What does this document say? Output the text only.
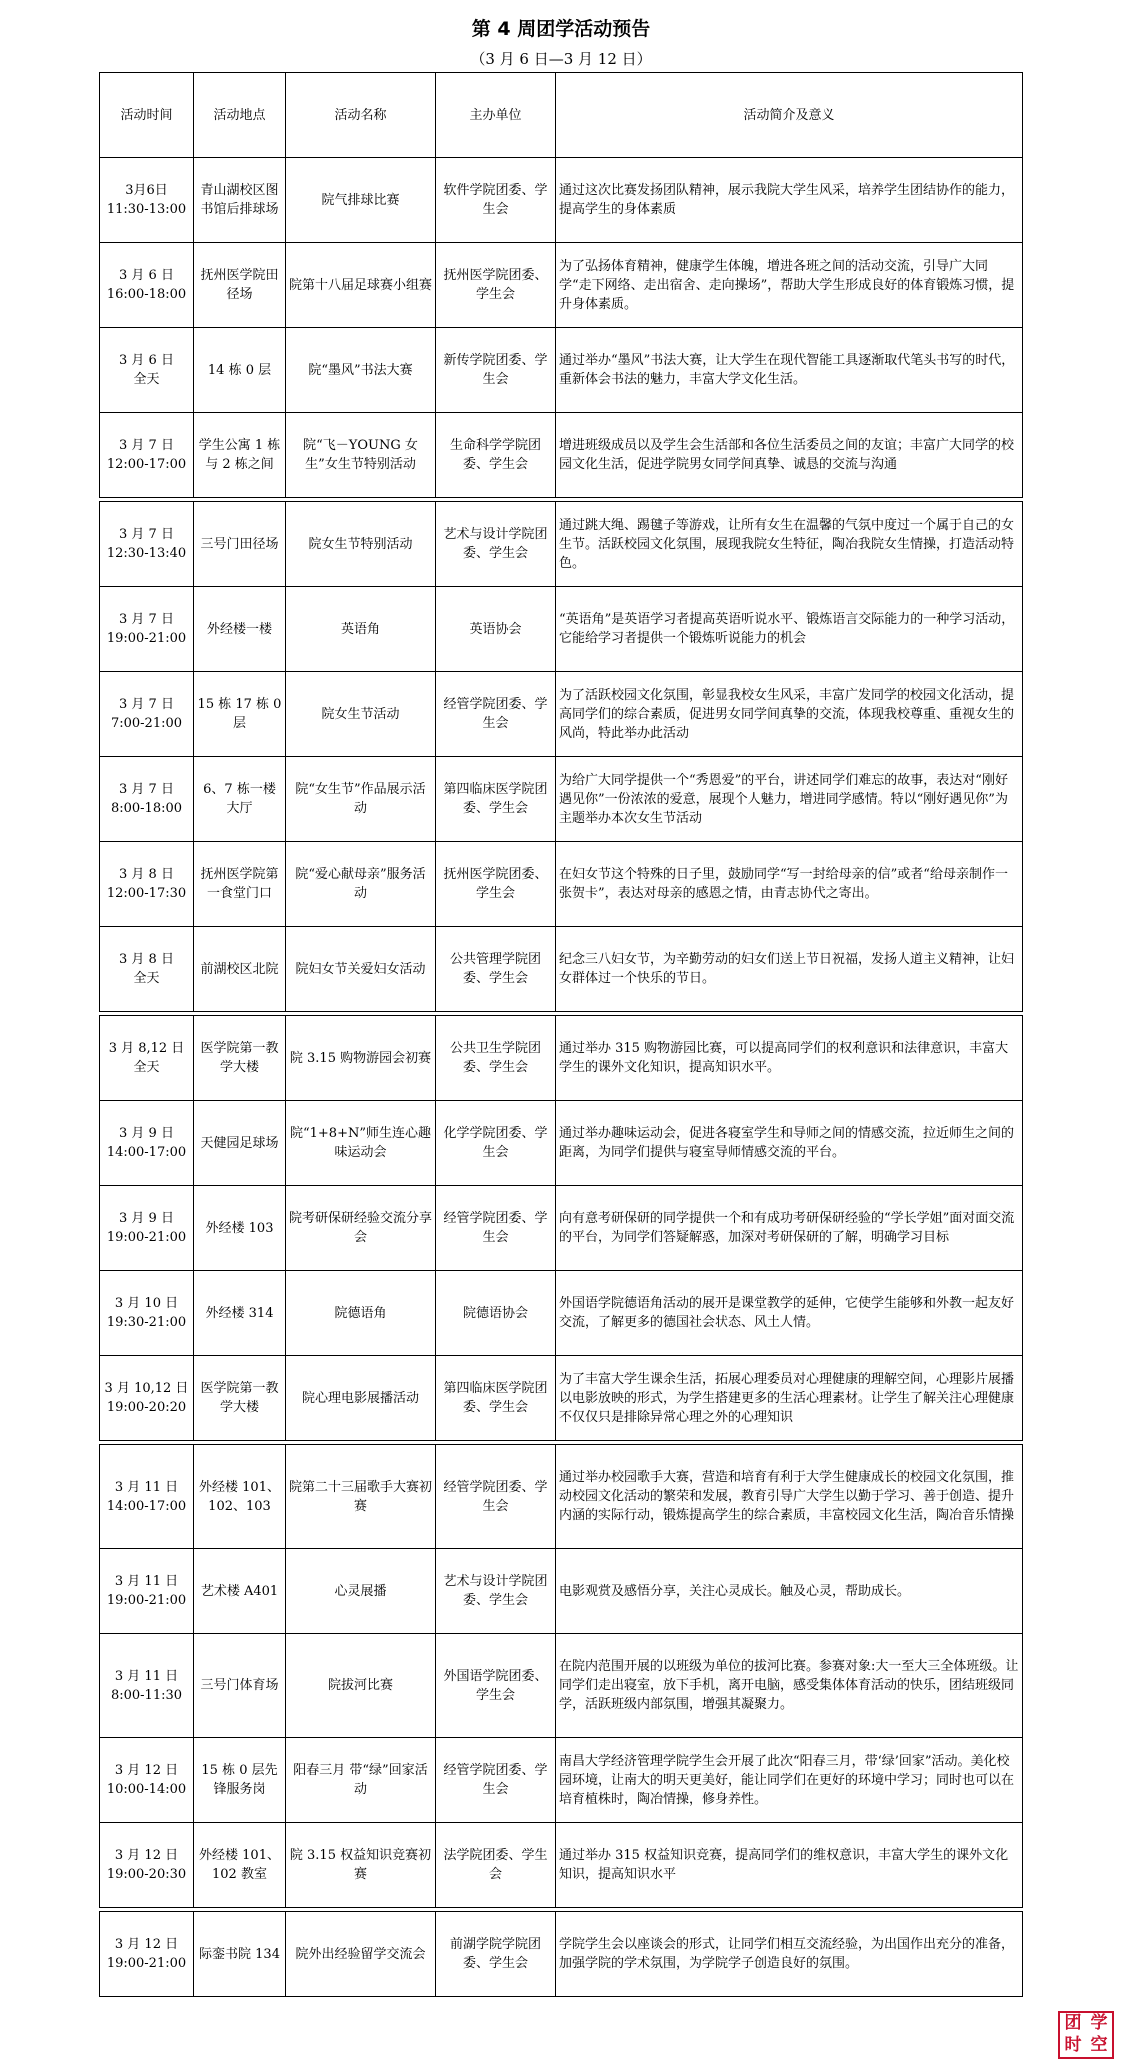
第 4 周团学活动预告
（3 月 6 日—3 月 12 日）
活动时间	活动地点	活动名称	主办单位	活动简介及意义

3月6日
11:30-13:00	青山湖校区图书馆后排球场	院气排球比赛	软件学院团委、学生会	通过这次比赛发扬团队精神，展示我院大学生风采，培养学生团结协作的能力，提高学生的身体素质

3 月 6 日
16:00-18:00	抚州医学院田径场	院第十八届足球赛小组赛	抚州医学院团委、学生会	为了弘扬体育精神，健康学生体魄，增进各班之间的活动交流，引导广大同学“走下网络、走出宿舍、走向操场”，帮助大学生形成良好的体育锻炼习惯，提升身体素质。

3 月 6 日
全天	14 栋 0 层	院“墨风”书法大赛	新传学院团委、学生会	通过举办“墨风”书法大赛，让大学生在现代智能工具逐渐取代笔头书写的时代，重新体会书法的魅力，丰富大学文化生活。

3 月 7 日
12:00-17:00	学生公寓 1 栋与 2 栋之间	院“飞－YOUNG 女生”女生节特别活动	生命科学学院团委、学生会	增进班级成员以及学生会生活部和各位生活委员之间的友谊；丰富广大同学的校园文化生活，促进学院男女同学间真挚、诚恳的交流与沟通

3 月 7 日
12:30-13:40	三号门田径场	院女生节特别活动	艺术与设计学院团委、学生会	通过跳大绳、踢毽子等游戏，让所有女生在温馨的气氛中度过一个属于自己的女生节。活跃校园文化氛围，展现我院女生特征，陶冶我院女生情操，打造活动特色。

3 月 7 日
19:00-21:00	外经楼一楼	英语角	英语协会	“英语角”是英语学习者提高英语听说水平、锻炼语言交际能力的一种学习活动，它能给学习者提供一个锻炼听说能力的机会

3 月 7 日
7:00-21:00	15 栋 17 栋 0 层	院女生节活动	经管学院团委、学生会	为了活跃校园文化氛围，彰显我校女生风采，丰富广发同学的校园文化活动，提高同学们的综合素质，促进男女同学间真挚的交流，体现我校尊重、重视女生的风尚，特此举办此活动

3 月 7 日
8:00-18:00	6、7 栋一楼大厅	院“女生节”作品展示活动	第四临床医学院团委、学生会	为给广大同学提供一个“秀恩爱”的平台，讲述同学们难忘的故事，表达对“刚好遇见你”一份浓浓的爱意，展现个人魅力，增进同学感情。特以“刚好遇见你”为主题举办本次女生节活动

3 月 8 日
12:00-17:30	抚州医学院第一食堂门口	院“爱心献母亲”服务活动	抚州医学院团委、学生会	在妇女节这个特殊的日子里，鼓励同学“写一封给母亲的信”或者“给母亲制作一张贺卡”，表达对母亲的感恩之情，由青志协代之寄出。

3 月 8 日
全天	前湖校区北院	院妇女节关爱妇女活动	公共管理学院团委、学生会	纪念三八妇女节，为辛勤劳动的妇女们送上节日祝福，发扬人道主义精神，让妇女群体过一个快乐的节日。

3 月 8,12 日
全天	医学院第一教学大楼	院 3.15 购物游园会初赛	公共卫生学院团委、学生会	通过举办 315 购物游园比赛，可以提高同学们的权利意识和法律意识，丰富大学生的课外文化知识，提高知识水平。

3 月 9 日
14:00-17:00	天健园足球场	院“1+8+N”师生连心趣味运动会	化学学院团委、学生会	通过举办趣味运动会，促进各寝室学生和导师之间的情感交流，拉近师生之间的距离，为同学们提供与寝室导师情感交流的平台。

3 月 9 日
19:00-21:00	外经楼 103	院考研保研经验交流分享会	经管学院团委、学生会	向有意考研保研的同学提供一个和有成功考研保研经验的“学长学姐”面对面交流的平台，为同学们答疑解惑，加深对考研保研的了解，明确学习目标

3 月 10 日
19:30-21:00	外经楼 314	院德语角	院德语协会	外国语学院德语角活动的展开是课堂教学的延伸，它使学生能够和外教一起友好交流，了解更多的德国社会状态、风土人情。

3 月 10,12 日
19:00-20:20	医学院第一教学大楼	院心理电影展播活动	第四临床医学院团委、学生会	为了丰富大学生课余生活，拓展心理委员对心理健康的理解空间，心理影片展播以电影放映的形式，为学生搭建更多的生活心理素材。让学生了解关注心理健康不仅仅只是排除异常心理之外的心理知识

3 月 11 日
14:00-17:00	外经楼 101、102、103	院第二十三届歌手大赛初赛	经管学院团委、学生会	通过举办校园歌手大赛，营造和培育有利于大学生健康成长的校园文化氛围，推动校园文化活动的繁荣和发展，教育引导广大学生以勤于学习、善于创造、提升内涵的实际行动，锻炼提高学生的综合素质，丰富校园文化生活，陶冶音乐情操

3 月 11 日
19:00-21:00	艺术楼 A401	心灵展播	艺术与设计学院团委、学生会	电影观赏及感悟分享，关注心灵成长。触及心灵，帮助成长。

3 月 11 日
8:00-11:30	三号门体育场	院拔河比赛	外国语学院团委、学生会	在院内范围开展的以班级为单位的拔河比赛。参赛对象:大一至大三全体班级。让同学们走出寝室，放下手机，离开电脑，感受集体体育活动的快乐，团结班级同学，活跃班级内部氛围，增强其凝聚力。

3 月 12 日
10:00-14:00	15 栋 0 层先锋服务岗	阳春三月 带“绿”回家活动	经管学院团委、学生会	南昌大学经济管理学院学生会开展了此次“阳春三月，带‘绿’回家”活动。美化校园环境，让南大的明天更美好，能让同学们在更好的环境中学习；同时也可以在培育植株时，陶冶情操，修身养性。

3 月 12 日
19:00-20:30	外经楼 101、102 教室	院 3.15 权益知识竞赛初赛	法学院团委、学生会	通过举办 315 权益知识竞赛，提高同学们的维权意识，丰富大学生的课外文化知识，提高知识水平

3 月 12 日
19:00-21:00	际銮书院 134	院外出经验留学交流会	前湖学院学院团委、学生会	学院学生会以座谈会的形式，让同学们相互交流经验，为出国作出充分的准备，加强学院的学术氛围，为学院学子创造良好的氛围。
团 学
时 空
